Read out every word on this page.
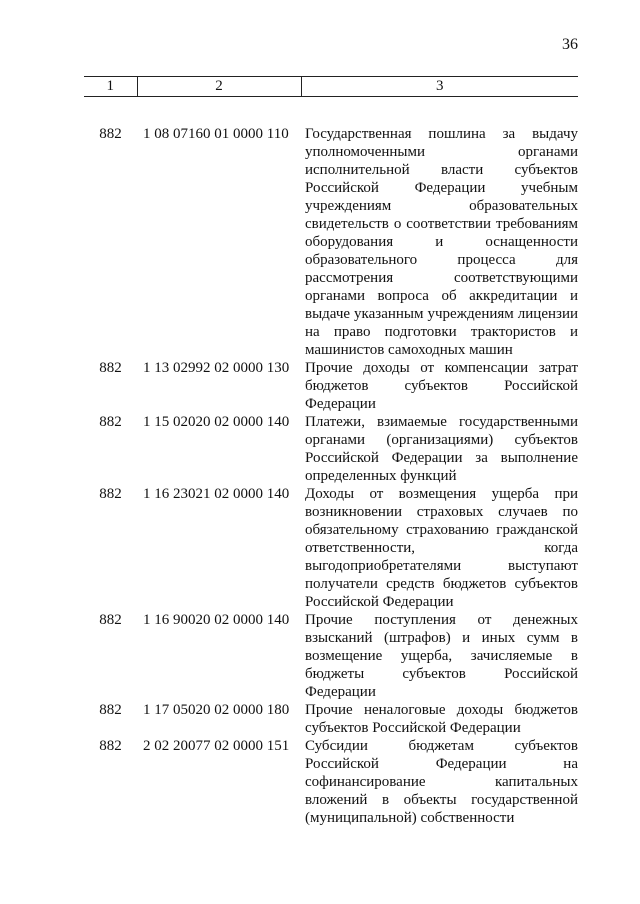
36
1	2	3
882	1 08 07160 01 0000 110	Государственная пошлина за выдачу уполномоченными органами исполнительной власти субъектов Российской Федерации учебным учреждениям образовательных свидетельств о соответствии требованиям оборудования и оснащенности образовательного процесса для рассмотрения соответствующими органами вопроса об аккредитации и выдаче указанным учреждениям лицензии на право подготовки трактористов и машинистов самоходных машин
882	1 13 02992 02 0000 130	Прочие доходы от компенсации затрат бюджетов субъектов Российской Федерации
882	1 15 02020 02 0000 140	Платежи, взимаемые государственными органами (организациями) субъектов Российской Федерации за выполнение определенных функций
882	1 16 23021 02 0000 140	Доходы от возмещения ущерба при возникновении страховых случаев по обязательному страхованию гражданской ответственности, когда выгодоприобретателями выступают получатели средств бюджетов субъектов Российской Федерации
882	1 16 90020 02 0000 140	Прочие поступления от денежных взысканий (штрафов) и иных сумм в возмещение ущерба, зачисляемые в бюджеты субъектов Российской Федерации
882	1 17 05020 02 0000 180	Прочие неналоговые доходы бюджетов субъектов Российской Федерации
882	2 02 20077 02 0000 151	Субсидии бюджетам субъектов Российской Федерации на софинансирование капитальных вложений в объекты государственной (муниципальной) собственности
